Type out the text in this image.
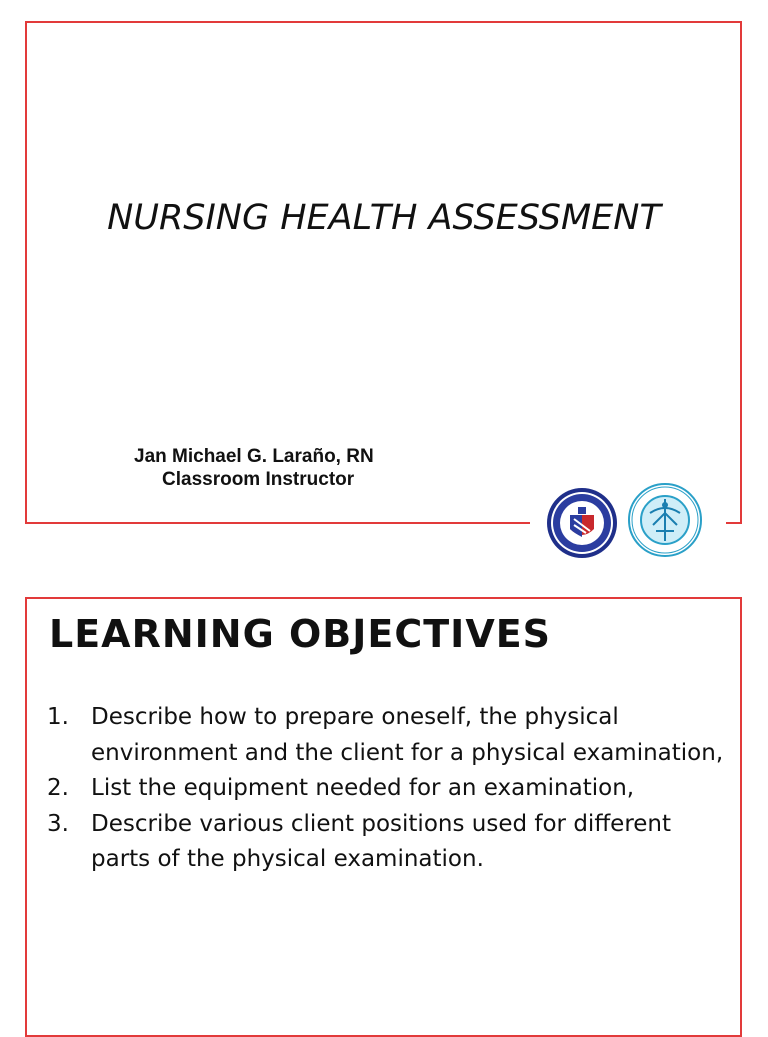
NURSING HEALTH ASSESSMENT
Jan Michael G. Laraño, RN
Classroom Instructor
LEARNING OBJECTIVES
1. Describe how to prepare oneself, the physical environment and the client for a physical examination,
2. List the equipment needed for an examination,
3. Describe various client positions used for different parts of the physical examination.
